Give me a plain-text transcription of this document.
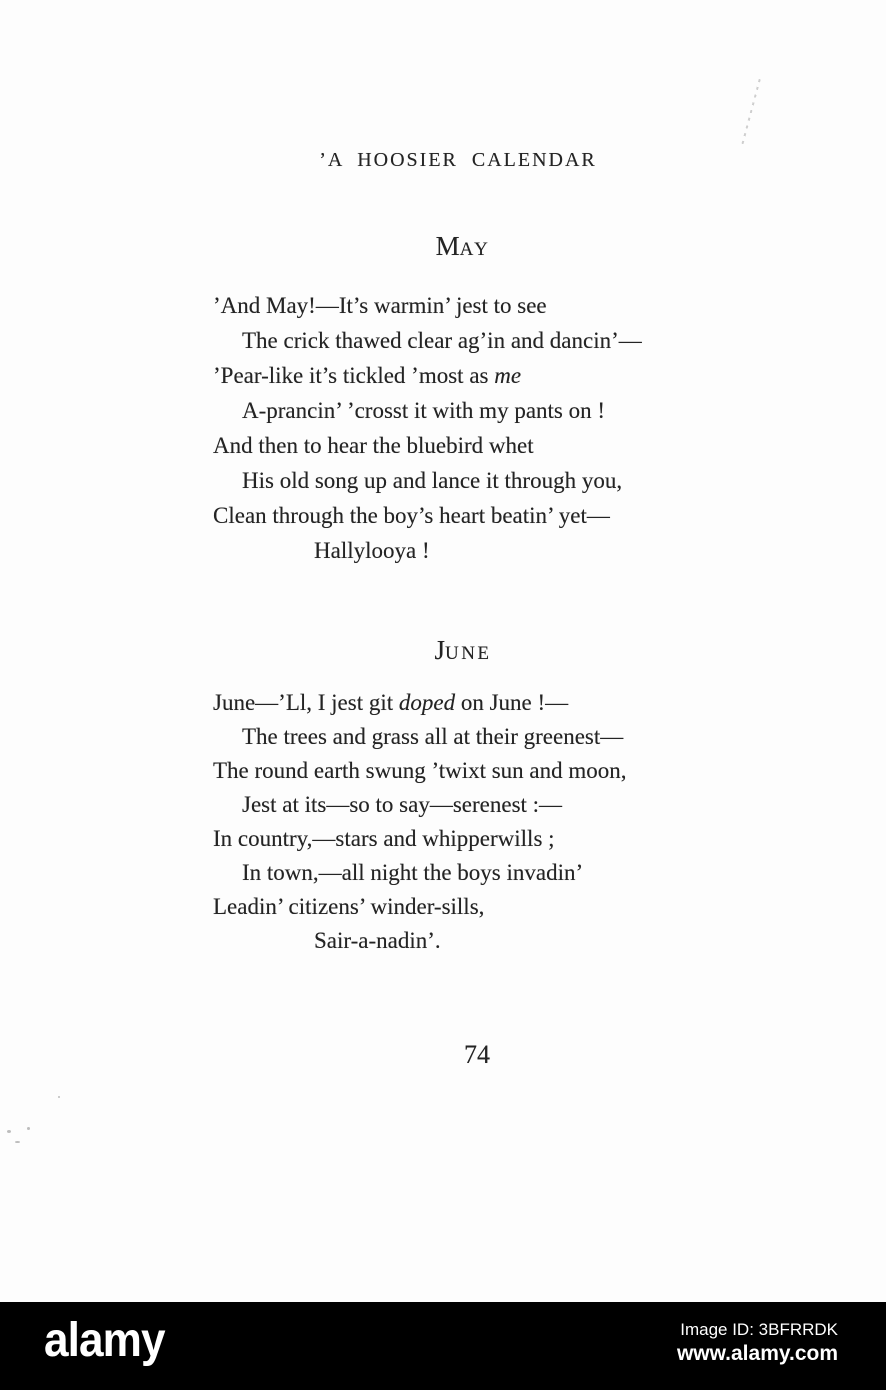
’A HOOSIER CALENDAR
MAY
’And May!—It’s warmin’ jest to see
The crick thawed clear ag’in and dancin’—
’Pear-like it’s tickled ’most as me
A-prancin’ ’crosst it with my pants on !
And then to hear the bluebird whet
His old song up and lance it through you,
Clean through the boy’s heart beatin’ yet—
Hallylooya !
JUNE
June—’Ll, I jest git doped on June !—
The trees and grass all at their greenest—
The round earth swung ’twixt sun and moon,
Jest at its—so to say—serenest :—
In country,—stars and whipperwills ;
In town,—all night the boys invadin’
Leadin’ citizens’ winder-sills,
Sair-a-nadin’.
74
alamy	Image ID: 3BFRRDK
www.alamy.com
